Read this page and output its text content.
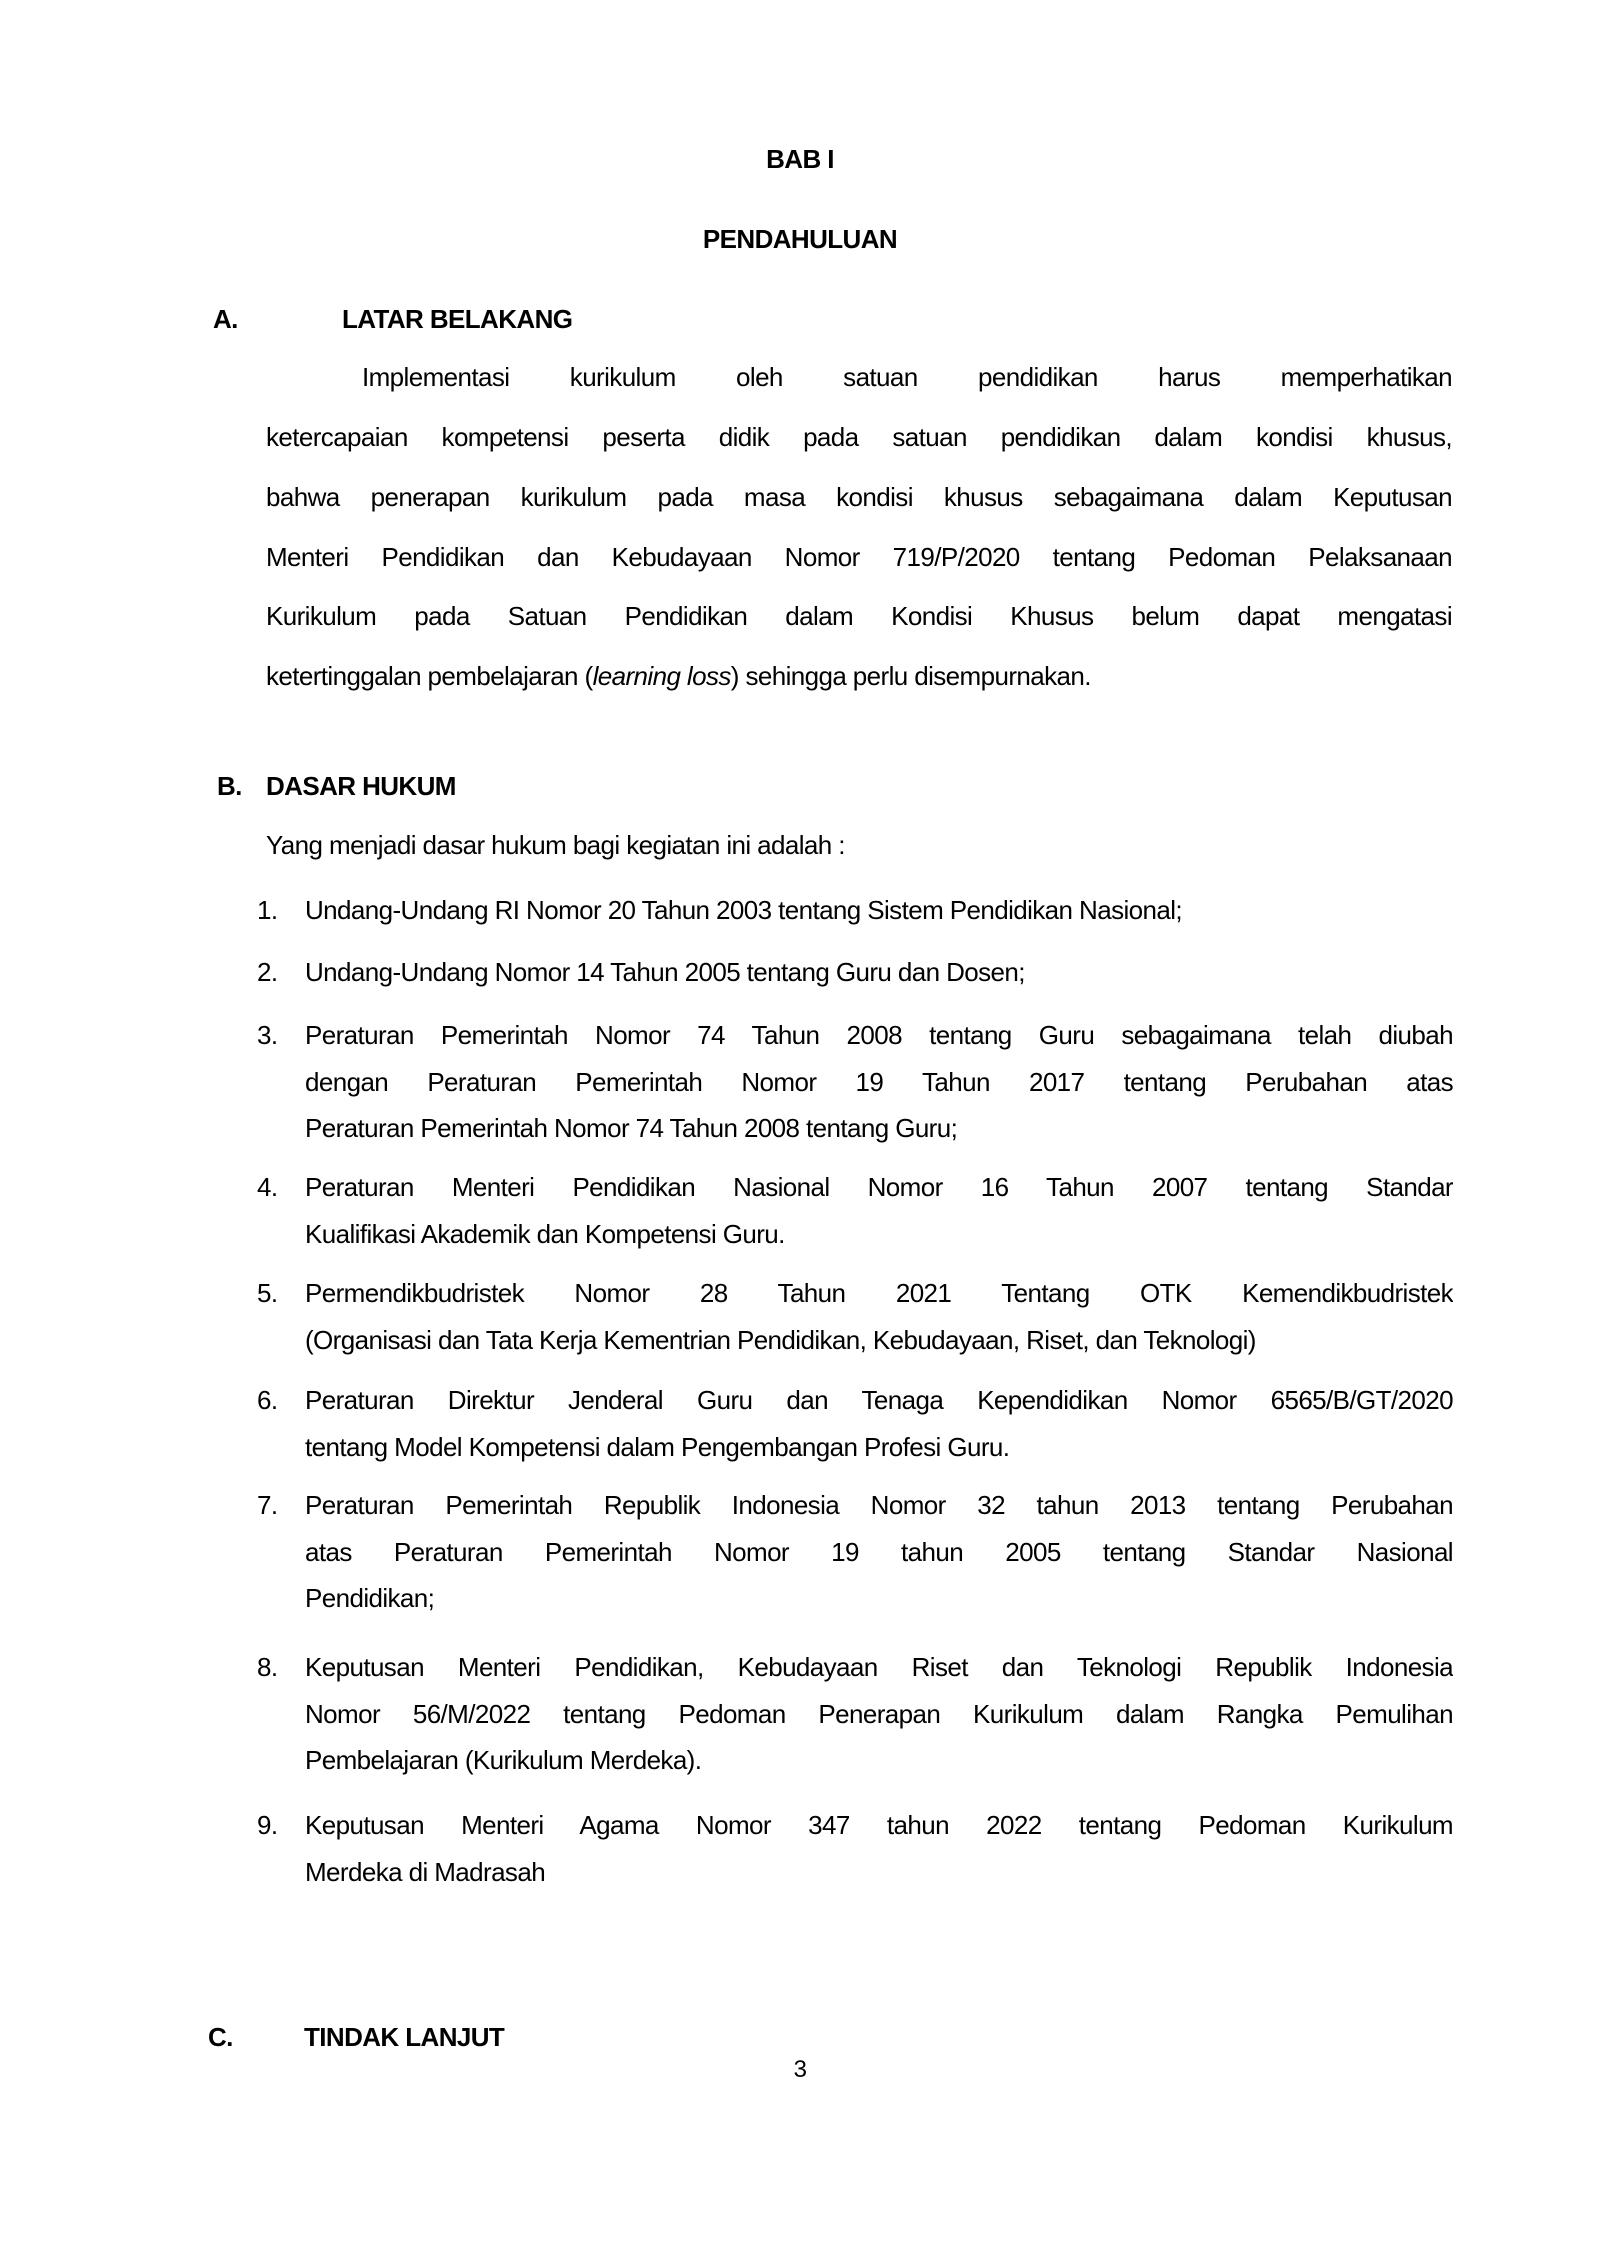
BAB I
PENDAHULUAN
A.	LATAR BELAKANG
Implementasi kurikulum oleh satuan pendidikan harus memperhatikan
ketercapaian kompetensi peserta didik pada satuan pendidikan dalam kondisi khusus,
bahwa penerapan kurikulum pada masa kondisi khusus sebagaimana dalam Keputusan
Menteri Pendidikan dan Kebudayaan Nomor 719/P/2020 tentang Pedoman Pelaksanaan
Kurikulum pada Satuan Pendidikan dalam Kondisi Khusus belum dapat mengatasi
ketertinggalan pembelajaran (learning loss) sehingga perlu disempurnakan.
B. DASAR HUKUM
Yang menjadi dasar hukum bagi kegiatan ini adalah :
1. Undang-Undang RI Nomor 20 Tahun 2003 tentang Sistem Pendidikan Nasional;
2. Undang-Undang Nomor 14 Tahun 2005 tentang Guru dan Dosen;
3. Peraturan Pemerintah Nomor 74 Tahun 2008 tentang Guru sebagaimana telah diubah
dengan Peraturan Pemerintah Nomor 19 Tahun 2017 tentang Perubahan atas
Peraturan Pemerintah Nomor 74 Tahun 2008 tentang Guru;
4. Peraturan Menteri Pendidikan Nasional Nomor 16 Tahun 2007 tentang Standar
Kualifikasi Akademik dan Kompetensi Guru.
5. Permendikbudristek Nomor 28 Tahun 2021 Tentang OTK Kemendikbudristek
(Organisasi dan Tata Kerja Kementrian Pendidikan, Kebudayaan, Riset, dan Teknologi)
6. Peraturan Direktur Jenderal Guru dan Tenaga Kependidikan Nomor 6565/B/GT/2020
tentang Model Kompetensi dalam Pengembangan Profesi Guru.
7. Peraturan Pemerintah Republik Indonesia Nomor 32 tahun 2013 tentang Perubahan
atas Peraturan Pemerintah Nomor 19 tahun 2005 tentang Standar Nasional
Pendidikan;
8. Keputusan Menteri Pendidikan, Kebudayaan Riset dan Teknologi Republik Indonesia
Nomor 56/M/2022 tentang Pedoman Penerapan Kurikulum dalam Rangka Pemulihan
Pembelajaran (Kurikulum Merdeka).
9. Keputusan Menteri Agama Nomor 347 tahun 2022 tentang Pedoman Kurikulum
Merdeka di Madrasah
C.	TINDAK LANJUT
3
